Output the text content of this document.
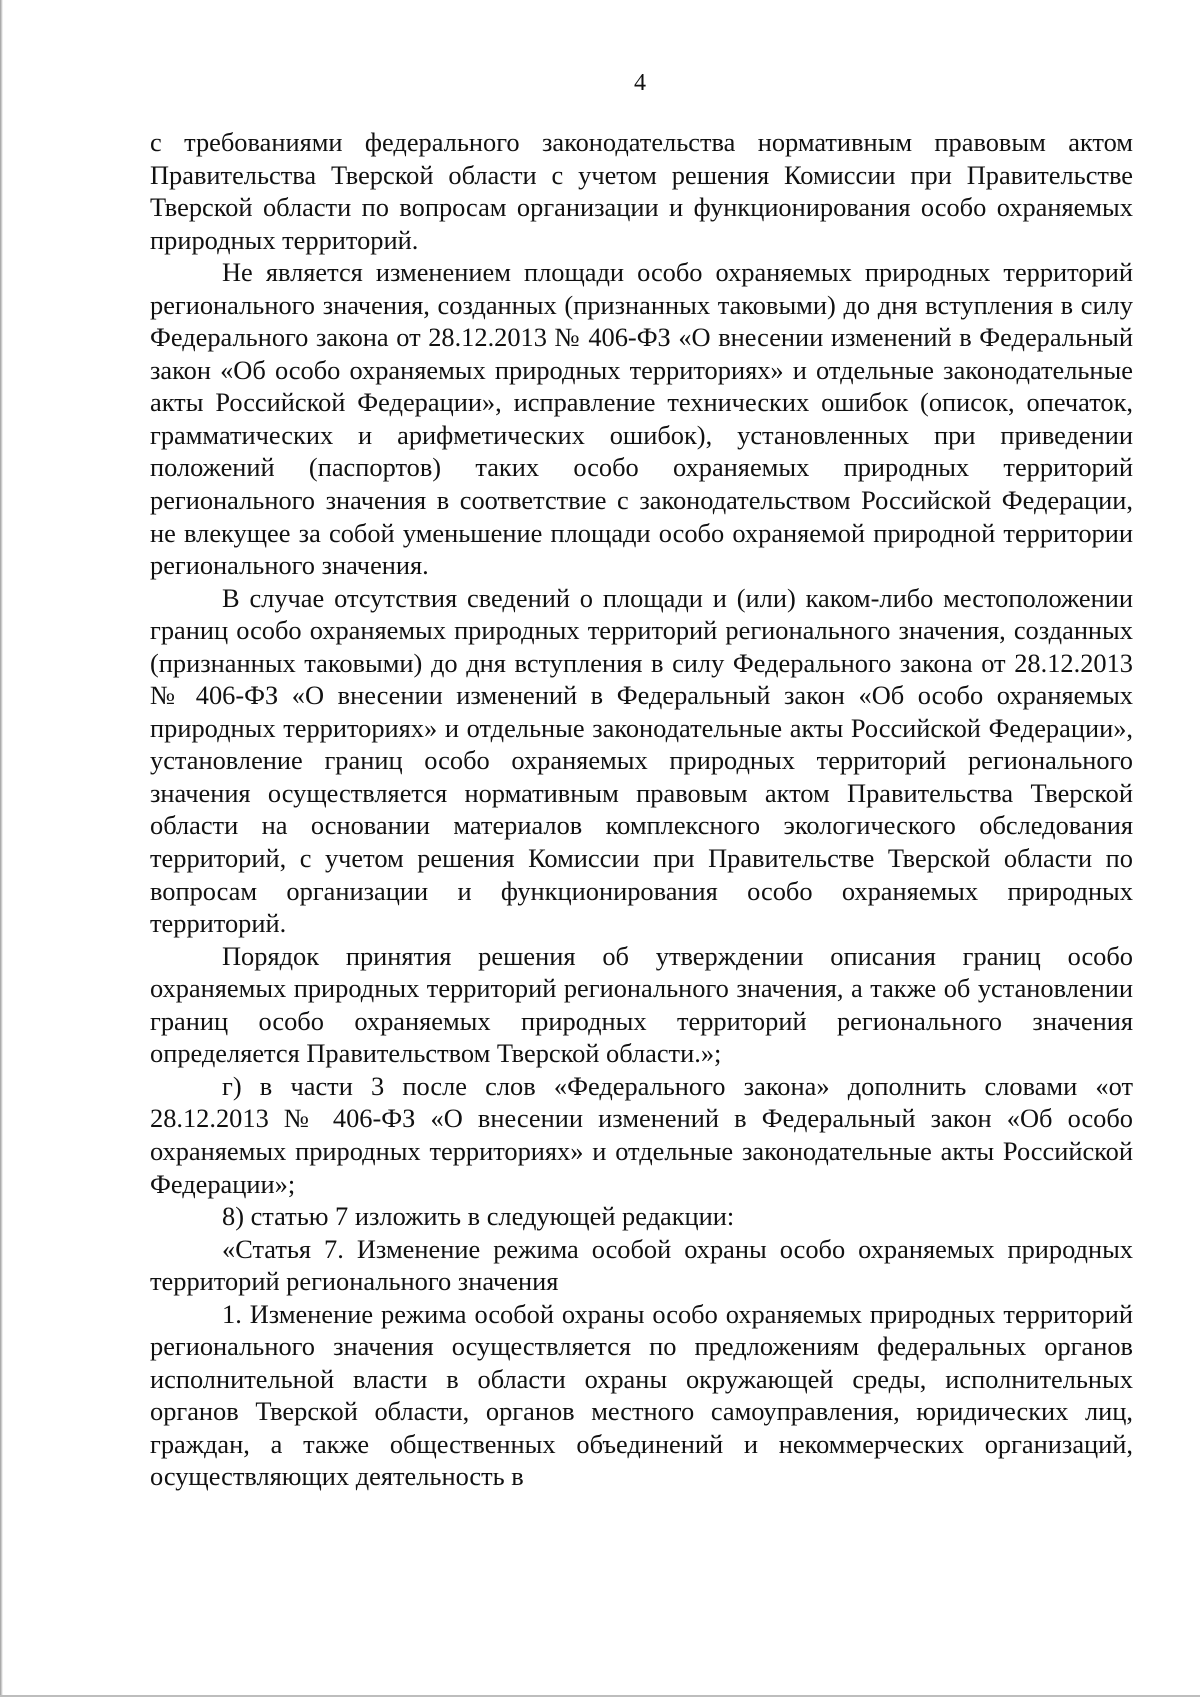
4

с требованиями федерального законодательства нормативным правовым актом Правительства Тверской области с учетом решения Комиссии при Правительстве Тверской области по вопросам организации и функционирования особо охраняемых природных территорий.

Не является изменением площади особо охраняемых природных территорий регионального значения, созданных (признанных таковыми) до дня вступления в силу Федерального закона от 28.12.2013 № 406-ФЗ «О внесении изменений в Федеральный закон «Об особо охраняемых природных территориях» и отдельные законодательные акты Российской Федерации», исправление технических ошибок (описок, опечаток, грамматических и арифметических ошибок), установленных при приведении положений (паспортов) таких особо охраняемых природных территорий регионального значения в соответствие с законодательством Российской Федерации, не влекущее за собой уменьшение площади особо охраняемой природной территории регионального значения.

В случае отсутствия сведений о площади и (или) каком-либо местоположении границ особо охраняемых природных территорий регионального значения, созданных (признанных таковыми) до дня вступления в силу Федерального закона от 28.12.2013 № 406-ФЗ «О внесении изменений в Федеральный закон «Об особо охраняемых природных территориях» и отдельные законодательные акты Российской Федерации», установление границ особо охраняемых природных территорий регионального значения осуществляется нормативным правовым актом Правительства Тверской области на основании материалов комплексного экологического обследования территорий, с учетом решения Комиссии при Правительстве Тверской области по вопросам организации и функционирования особо охраняемых природных территорий.

Порядок принятия решения об утверждении описания границ особо охраняемых природных территорий регионального значения, а также об установлении границ особо охраняемых природных территорий регионального значения определяется Правительством Тверской области.»;

г) в части 3 после слов «Федерального закона» дополнить словами «от 28.12.2013 № 406-ФЗ «О внесении изменений в Федеральный закон «Об особо охраняемых природных территориях» и отдельные законодательные акты Российской Федерации»;

8) статью 7 изложить в следующей редакции:

«Статья 7. Изменение режима особой охраны особо охраняемых природных территорий регионального значения

1. Изменение режима особой охраны особо охраняемых природных территорий регионального значения осуществляется по предложениям федеральных органов исполнительной власти в области охраны окружающей среды, исполнительных органов Тверской области, органов местного самоуправления, юридических лиц, граждан, а также общественных объединений и некоммерческих организаций, осуществляющих деятельность в
